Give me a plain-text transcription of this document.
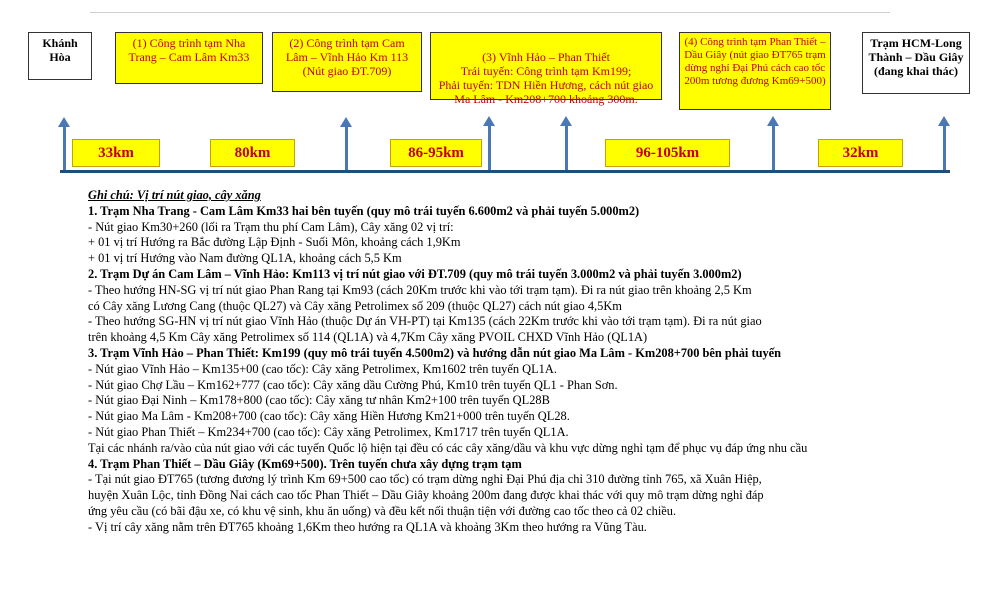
Khánh Hòa
(1) Công trình tạm Nha Trang – Cam Lâm Km33
(2) Công trình tạm Cam Lâm – Vĩnh Hảo Km 113 (Nút giao ĐT.709)

(3) Vĩnh Hảo – Phan Thiết
Trái tuyến: Công trình tạm Km199;
Phải tuyến: TDN Hiền Hương, cách nút giao Ma Lâm - Km208+700 khoảng 300m.

(4) Công trình tạm Phan Thiết – Dầu Giây (nút giao ĐT765 trạm dừng nghỉ Đại Phú cách cao tốc 200m tương đương Km69+500)
Trạm HCM-Long Thành – Dầu Giây (đang khai thác)
33km	80km	86-95km	96-105km	32km
Ghi chú: Vị trí nút giao, cây xăng
1. Trạm Nha Trang - Cam Lâm Km33 hai bên tuyến (quy mô trái tuyến 6.600m2 và phải tuyến 5.000m2)
- Nút giao Km30+260 (lối ra Trạm thu phí Cam Lâm), Cây xăng 02 vị trí:
+ 01 vị trí Hướng ra Bắc đường Lập Định - Suối Môn, khoảng cách 1,9Km
+ 01 vị trí Hướng vào Nam đường QL1A, khoảng cách 5,5 Km
2. Trạm Dự án Cam Lâm – Vĩnh Hảo: Km113 vị trí nút giao với ĐT.709 (quy mô trái tuyến 3.000m2 và phải tuyến 3.000m2)
- Theo hướng HN-SG vị trí nút giao Phan Rang tại Km93 (cách 20Km trước khi vào tới trạm tạm). Đi ra nút giao trên khoảng 2,5 Km
có Cây xăng Lương Cang (thuộc QL27) và Cây xăng Petrolimex số 209 (thuộc QL27) cách nút giao 4,5Km
- Theo hướng SG-HN vị trí nút giao Vĩnh Hảo (thuộc Dự án VH-PT) tại Km135 (cách 22Km trước khi vào tới trạm tạm). Đi ra nút giao
trên khoảng 4,5 Km Cây xăng Petrolimex số 114 (QL1A) và 4,7Km Cây xăng PVOIL CHXD Vĩnh Hảo (QL1A)
3. Trạm Vĩnh Hảo – Phan Thiết: Km199 (quy mô trái tuyến 4.500m2) và hướng dẫn nút giao Ma Lâm - Km208+700 bên phải tuyến
- Nút giao Vĩnh Hảo – Km135+00 (cao tốc): Cây xăng Petrolimex, Km1602 trên tuyến QL1A.
- Nút giao Chợ Lầu – Km162+777 (cao tốc): Cây xăng dầu Cường Phú, Km10 trên tuyến QL1 - Phan Sơn.
- Nút giao Đại Ninh – Km178+800 (cao tốc): Cây xăng tư nhân Km2+100 trên tuyến QL28B
- Nút giao Ma Lâm - Km208+700 (cao tốc): Cây xăng Hiền Hương Km21+000 trên tuyến QL28.
- Nút giao Phan Thiết – Km234+700 (cao tốc): Cây xăng Petrolimex, Km1717 trên tuyến QL1A.
Tại các nhánh ra/vào của nút giao với các tuyến Quốc lộ hiện tại đều có các cây xăng/dầu và khu vực dừng nghỉ tạm để phục vụ đáp ứng nhu cầu
4. Trạm Phan Thiết – Dầu Giây (Km69+500). Trên tuyến chưa xây dựng trạm tạm
- Tại nút giao ĐT765 (tương đương lý trình Km 69+500 cao tốc) có trạm dừng nghỉ Đại Phú địa chỉ 310 đường tỉnh 765, xã Xuân Hiệp,
huyện Xuân Lộc, tỉnh Đồng Nai cách cao tốc Phan Thiết – Dầu Giây khoảng 200m đang được khai thác với quy mô trạm dừng nghỉ đáp
ứng yêu cầu (có bãi đậu xe, có khu vệ sinh, khu ăn uống) và đều kết nối thuận tiện với đường cao tốc theo cả 02 chiều.
- Vị trí cây xăng nằm trên ĐT765 khoảng 1,6Km theo hướng ra QL1A và khoảng 3Km theo hướng ra Vũng Tàu.
